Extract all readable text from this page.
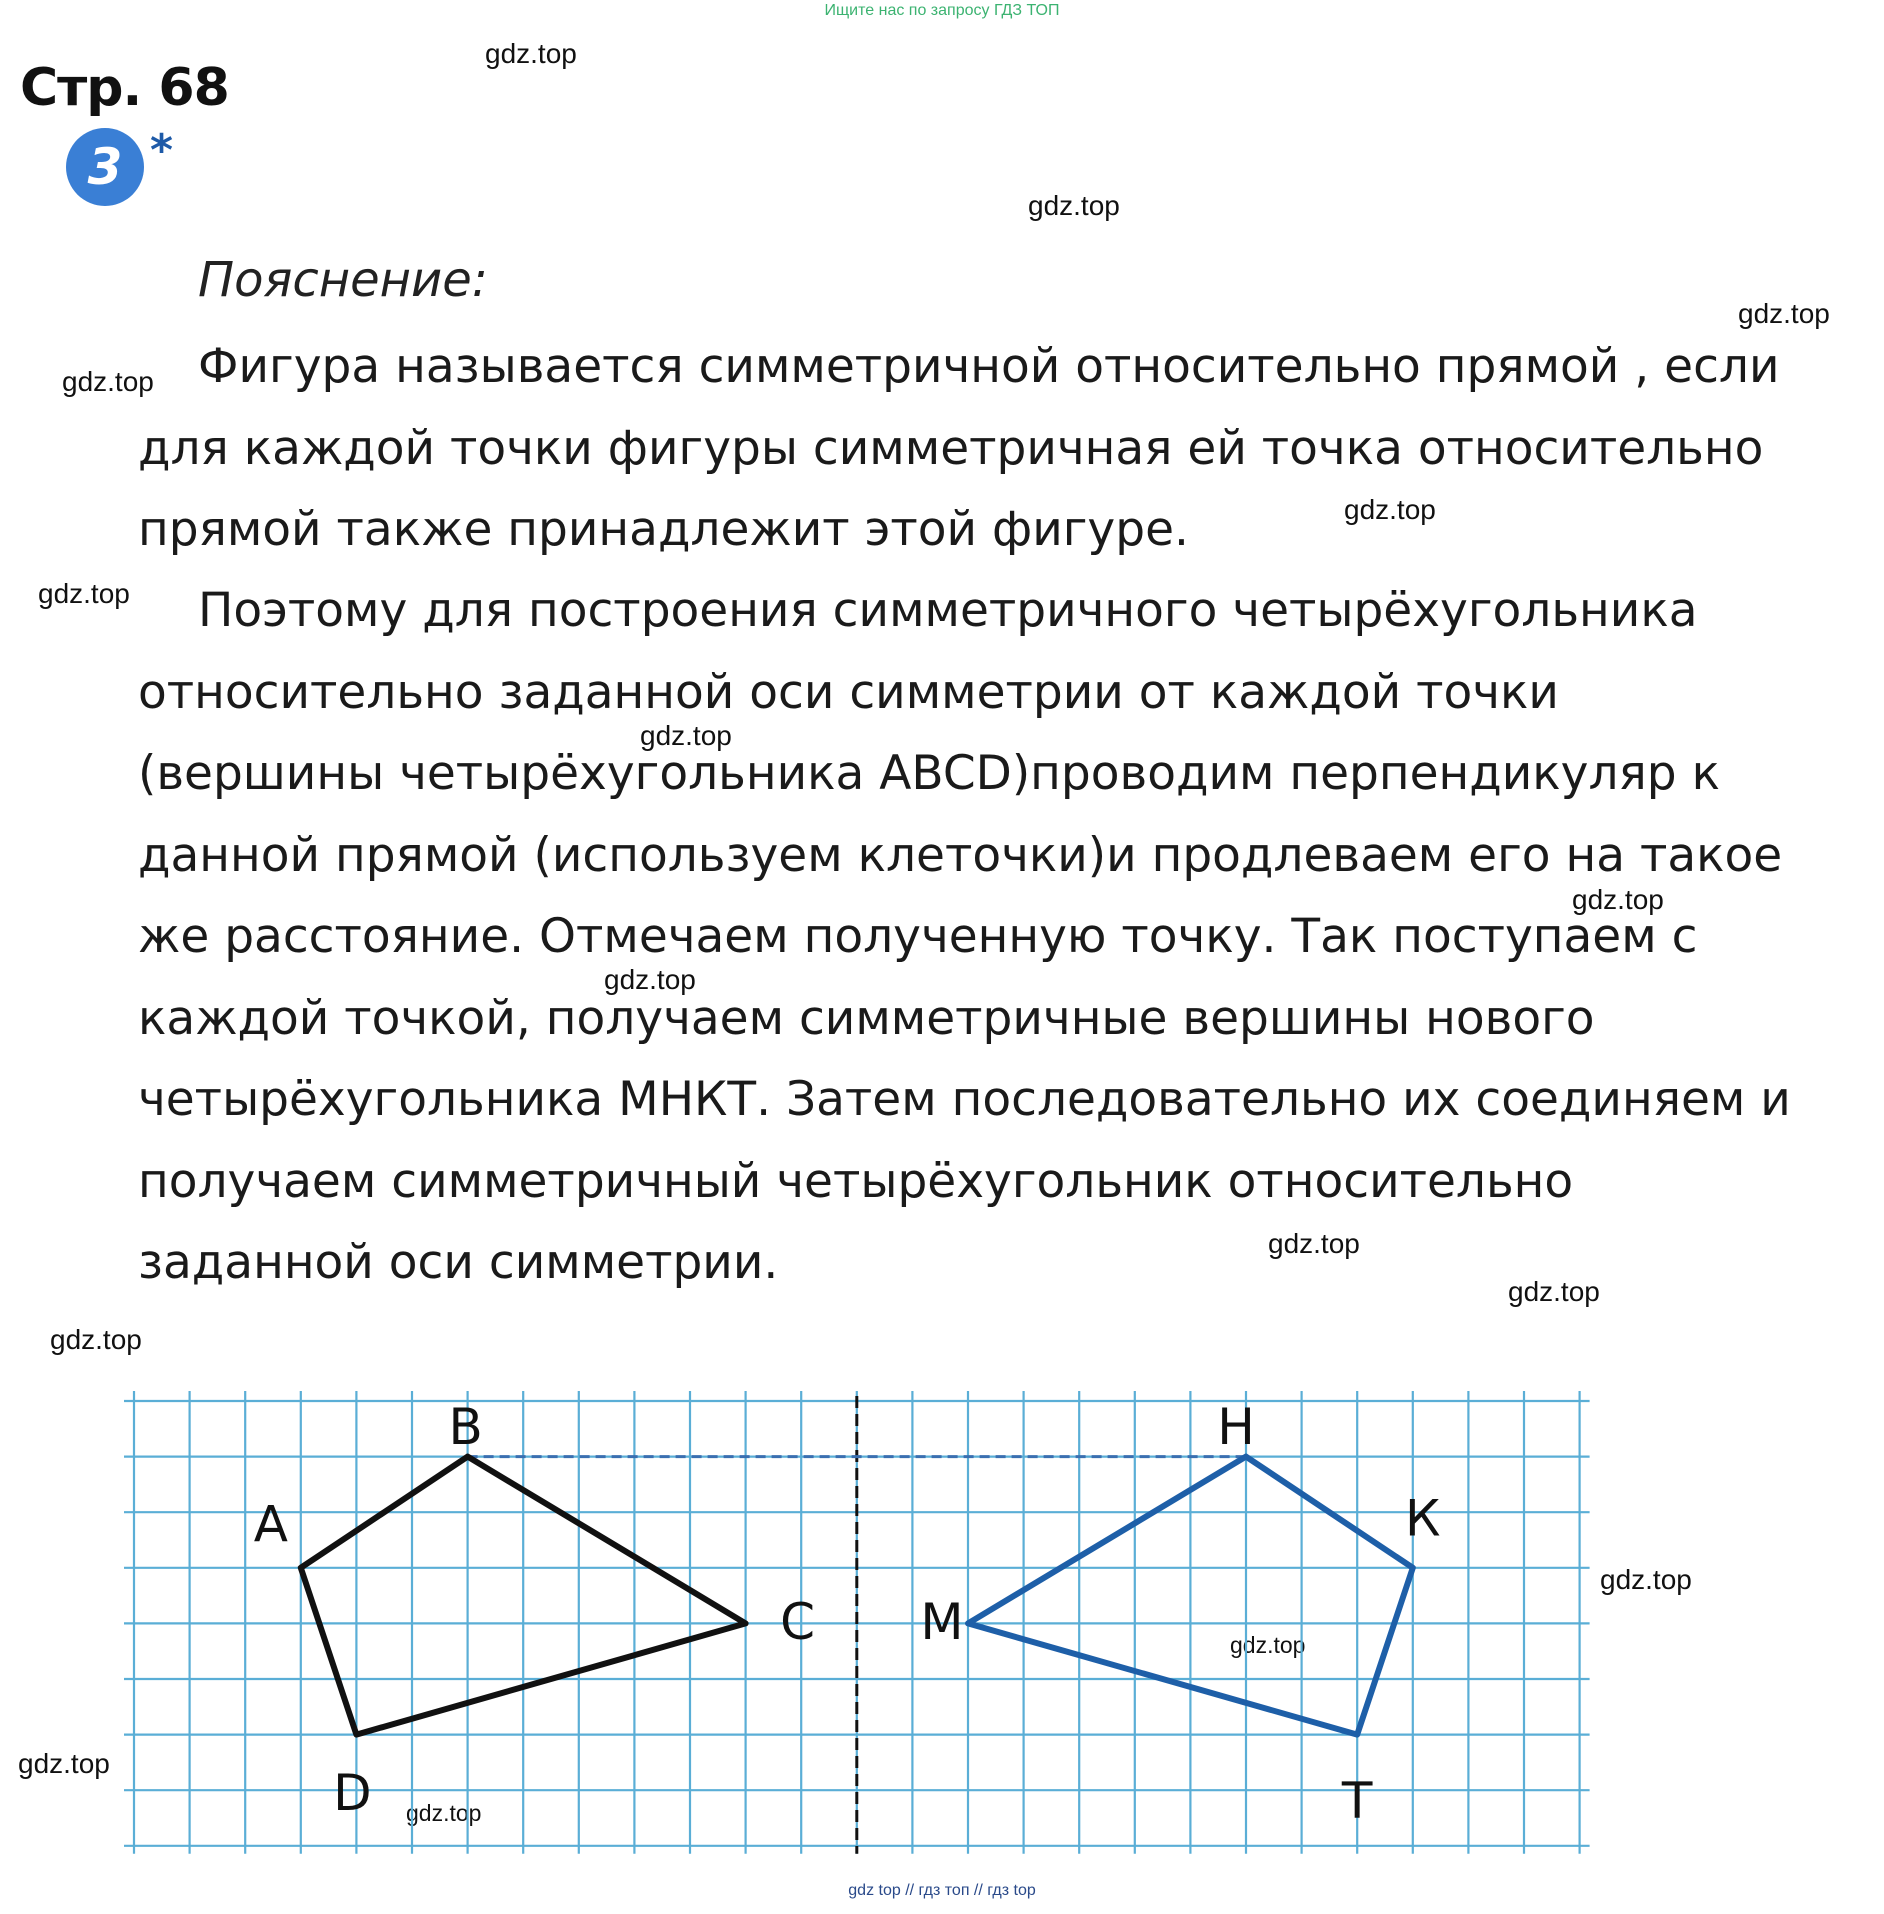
Ищите нас по запросу ГДЗ ТОП
Стр. 68
3 *
Пояснение:
Фигура называется симметричной относительно прямой , если
для каждой точки фигуры симметричная ей точка относительно
прямой также принадлежит этой фигуре.
Поэтому для построения симметричного четырёхугольника
относительно заданной оси симметрии от каждой точки
(вершины четырёхугольника ABCD)проводим перпендикуляр к
данной прямой (используем клеточки)и продлеваем его на такое
же расстояние. Отмечаем полученную точку. Так поступаем с
каждой точкой, получаем симметричные вершины нового
четырёхугольника МНКТ. Затем последовательно их соединяем и
получаем симметричный четырёхугольник относительно
заданной оси симметрии.
gdz.top
gdz.top
gdz.top
gdz.top
gdz.top
gdz.top
gdz.top
gdz.top
gdz.top
gdz.top
gdz.top
gdz.top
gdz.top
gdz.top
gdz.top
gdz.top
A
B
C
D
М
Н
К
Т
gdz top // гдз топ // гдз top
